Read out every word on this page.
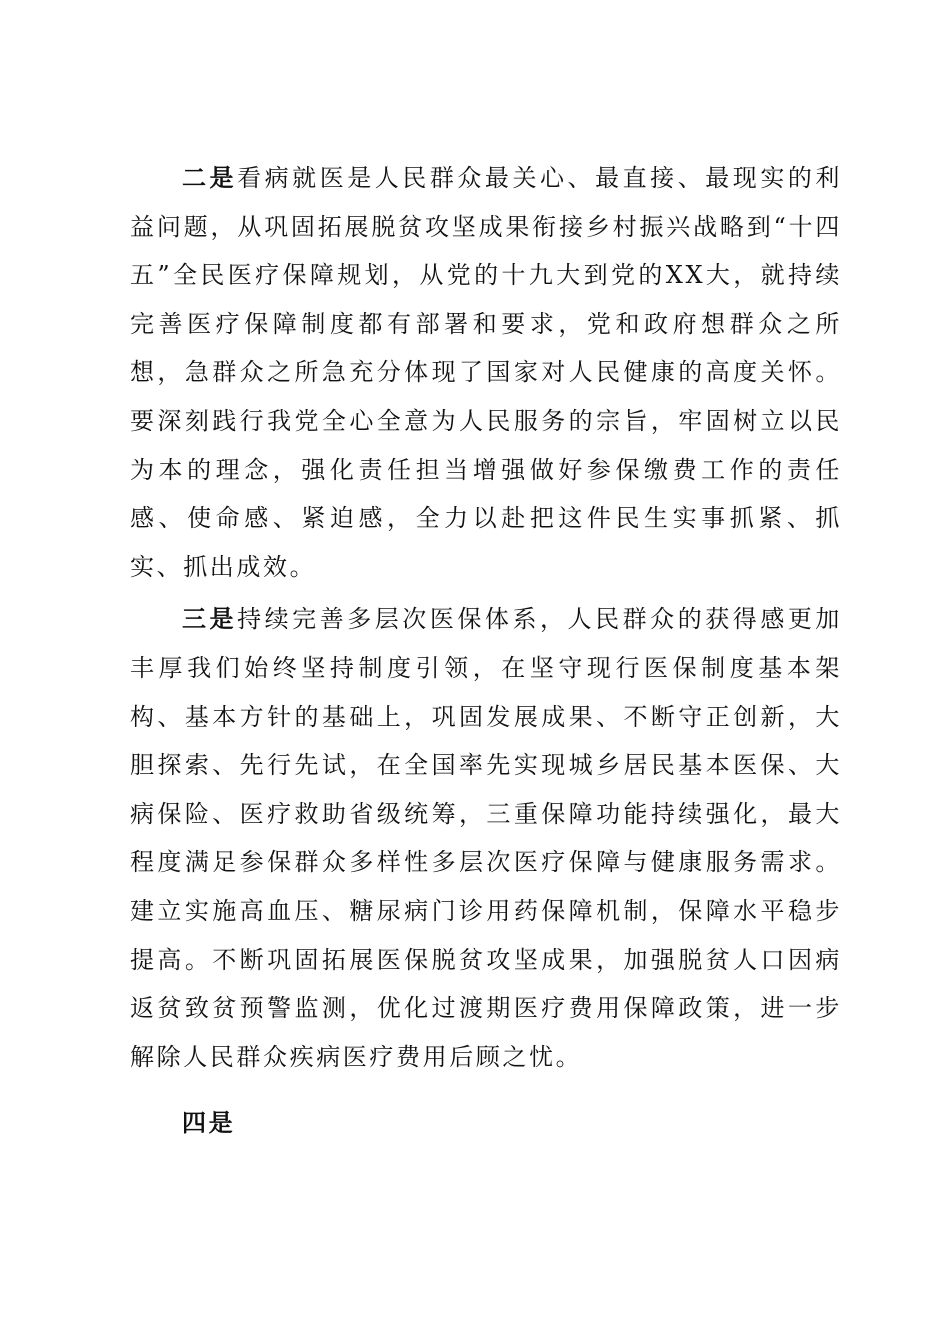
二是看病就医是人民群众最关心、最直接、最现实的利益问题，从巩固拓展脱贫攻坚成果衔接乡村振兴战略到“十四五”全民医疗保障规划，从党的十九大到党的XX大，就持续完善医疗保障制度都有部署和要求，党和政府想群众之所想，急群众之所急充分体现了国家对人民健康的高度关怀。要深刻践行我党全心全意为人民服务的宗旨，牢固树立以民为本的理念，强化责任担当增强做好参保缴费工作的责任感、使命感、紧迫感，全力以赴把这件民生实事抓紧、抓实、抓出成效。

三是持续完善多层次医保体系，人民群众的获得感更加丰厚我们始终坚持制度引领，在坚守现行医保制度基本架构、基本方针的基础上，巩固发展成果、不断守正创新，大胆探索、先行先试，在全国率先实现城乡居民基本医保、大病保险、医疗救助省级统筹，三重保障功能持续强化，最大程度满足参保群众多样性多层次医疗保障与健康服务需求。建立实施高血压、糖尿病门诊用药保障机制，保障水平稳步提高。不断巩固拓展医保脱贫攻坚成果，加强脱贫人口因病返贫致贫预警监测，优化过渡期医疗费用保障政策，进一步解除人民群众疾病医疗费用后顾之忧。

四是
